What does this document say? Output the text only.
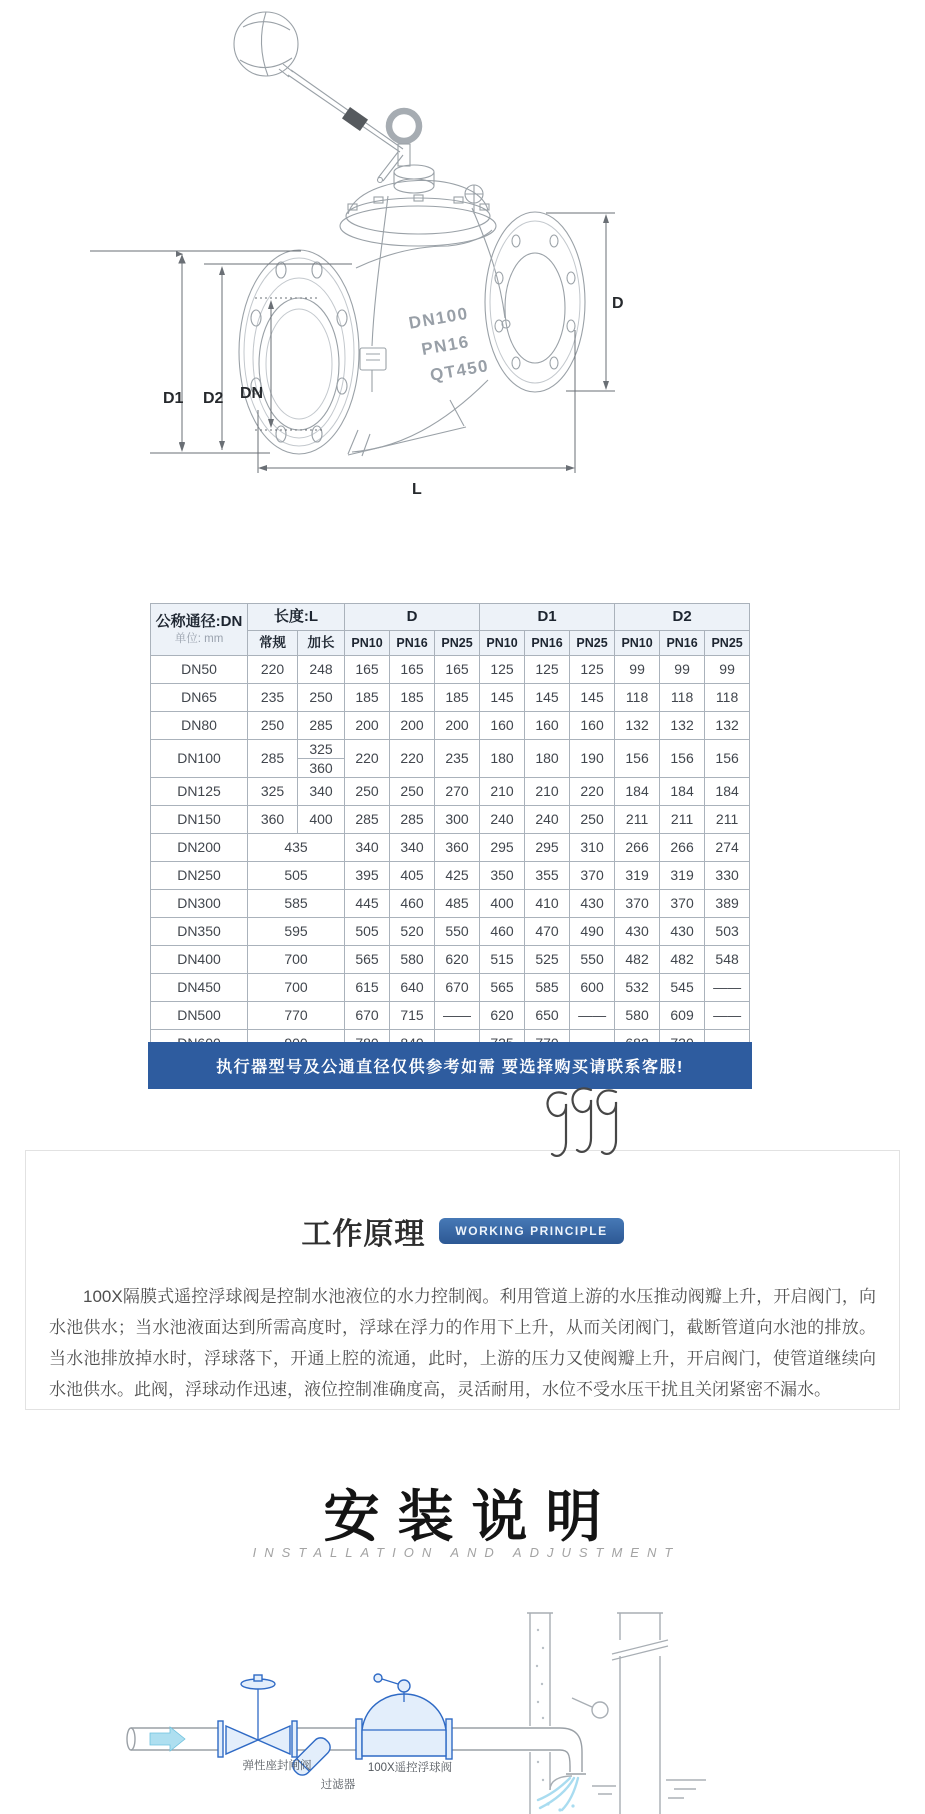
DN100
PN16
QT450
D1 D2 DN
D
L
公称通径:DN
单位: mm	长度:L		D			D1			D2		
	常规	加长	PN10	PN16	PN25	PN10	PN16	PN25	PN10	PN16	PN25
DN50	220	248	165	165	165	125	125	125	99	99	99
DN65	235	250	185	185	185	145	145	145	118	118	118
DN80	250	285	200	200	200	160	160	160	132	132	132
DN100	285	325	220	220	235	180	180	190	156	156	156
		360									
DN125	325	340	250	250	270	210	210	220	184	184	184
DN150	360	400	285	285	300	240	240	250	211	211	211
DN200	435		340	340	360	295	295	310	266	266	274
DN250	505		395	405	425	350	355	370	319	319	330
DN300	585		445	460	485	400	410	430	370	370	389
DN350	595		505	520	550	460	470	490	430	430	503
DN400	700		565	580	620	515	525	550	482	482	548
DN450	700		615	640	670	565	585	600	532	545	——
DN500	770		670	715	——	620	650	——	580	609	——

执行器型号及公通直径仅供参考如需 要选择购买请联系客服!
工作原理	WORKING PRINCIPLE

100X隔膜式遥控浮球阀是控制水池液位的水力控制阀。利用管道上游的水压推动阀瓣上升，开启阀门，向水池供水；当水池液面达到所需高度时，浮球在浮力的作用下上升，从而关闭阀门，截断管道向水池的排放。当水池排放掉水时，浮球落下，开通上腔的流通，此时，上游的压力又使阀瓣上升，开启阀门，使管道继续向水池供水。此阀，浮球动作迅速，液位控制准确度高，灵活耐用，水位不受水压干扰且关闭紧密不漏水。

安装说明
INSTALLATION AND ADJUSTMENT
弹性座封闸阀
过滤器
100X遥控浮球阀
